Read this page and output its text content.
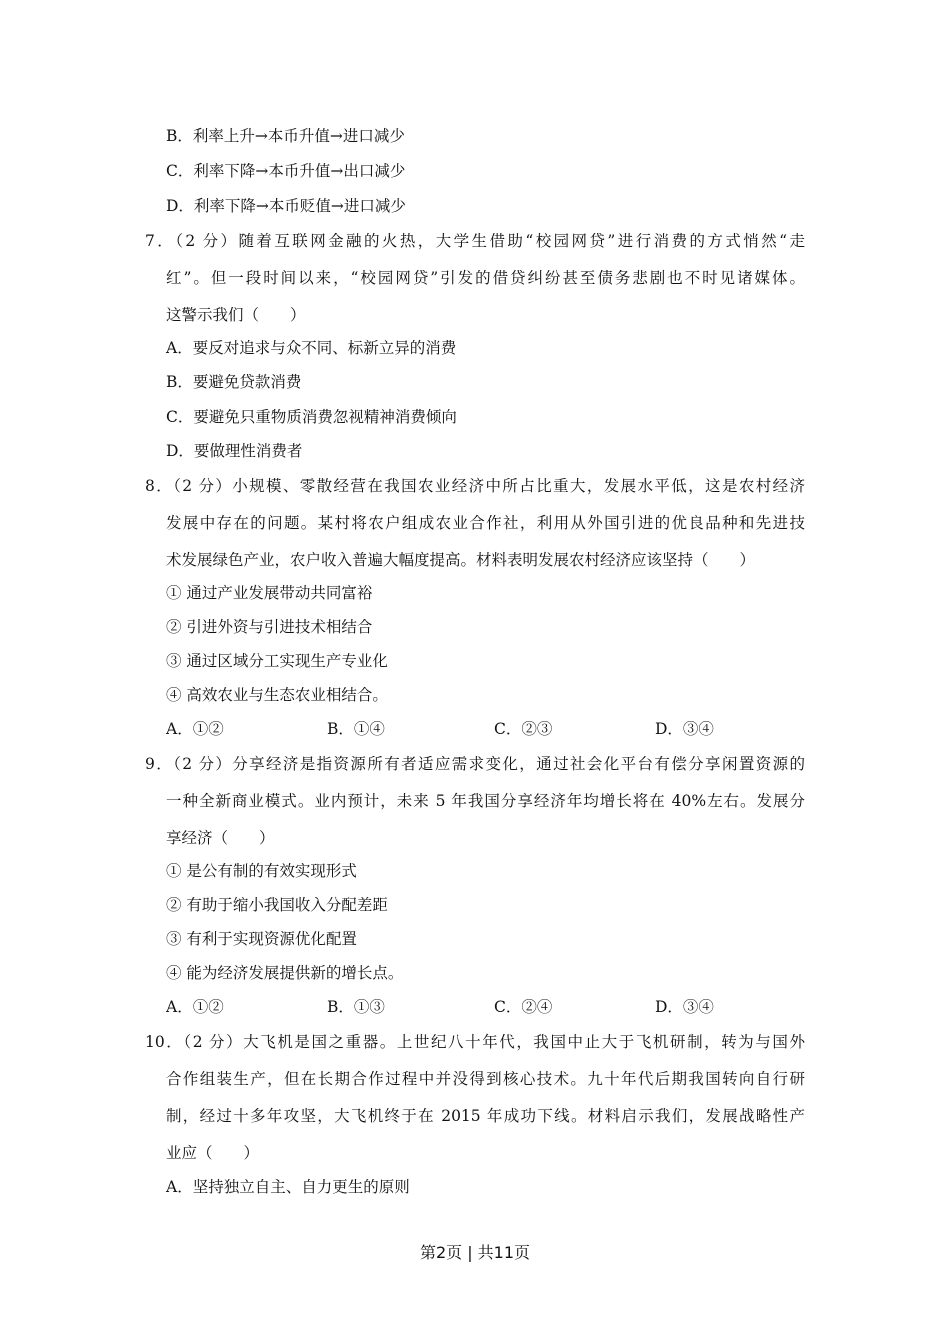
B．利率上升→本币升值→进口减少
C．利率下降→本币升值→出口减少
D．利率下降→本币贬值→进口减少
7．（2 分）随着互联网金融的火热，大学生借助“校园网贷”进行消费的方式悄然“走
红”。但一段时间以来，“校园网贷”引发的借贷纠纷甚至债务悲剧也不时见诸媒体。
这警示我们（　　）
A．要反对追求与众不同、标新立异的消费
B．要避免贷款消费
C．要避免只重物质消费忽视精神消费倾向
D．要做理性消费者
8．（2 分）小规模、零散经营在我国农业经济中所占比重大，发展水平低，这是农村经济
发展中存在的问题。某村将农户组成农业合作社，利用从外国引进的优良品种和先进技
术发展绿色产业，农户收入普遍大幅度提高。材料表明发展农村经济应该坚持（　　）
① 通过产业发展带动共同富裕
② 引进外资与引进技术相结合
③ 通过区域分工实现生产专业化
④ 高效农业与生态农业相结合。
A．①②	B．①④	C．②③	D．③④
9．（2 分）分享经济是指资源所有者适应需求变化，通过社会化平台有偿分享闲置资源的
一种全新商业模式。业内预计，未来 5 年我国分享经济年均增长将在 40%左右。发展分
享经济（　　）
① 是公有制的有效实现形式
② 有助于缩小我国收入分配差距
③ 有利于实现资源优化配置
④ 能为经济发展提供新的增长点。
A．①②	B．①③	C．②④	D．③④
10．（2 分）大飞机是国之重器。上世纪八十年代，我国中止大于飞机研制，转为与国外
合作组装生产，但在长期合作过程中并没得到核心技术。九十年代后期我国转向自行研
制，经过十多年攻坚，大飞机终于在 2015 年成功下线。材料启示我们，发展战略性产
业应（　　）
A．坚持独立自主、自力更生的原则
第2页 | 共11页
